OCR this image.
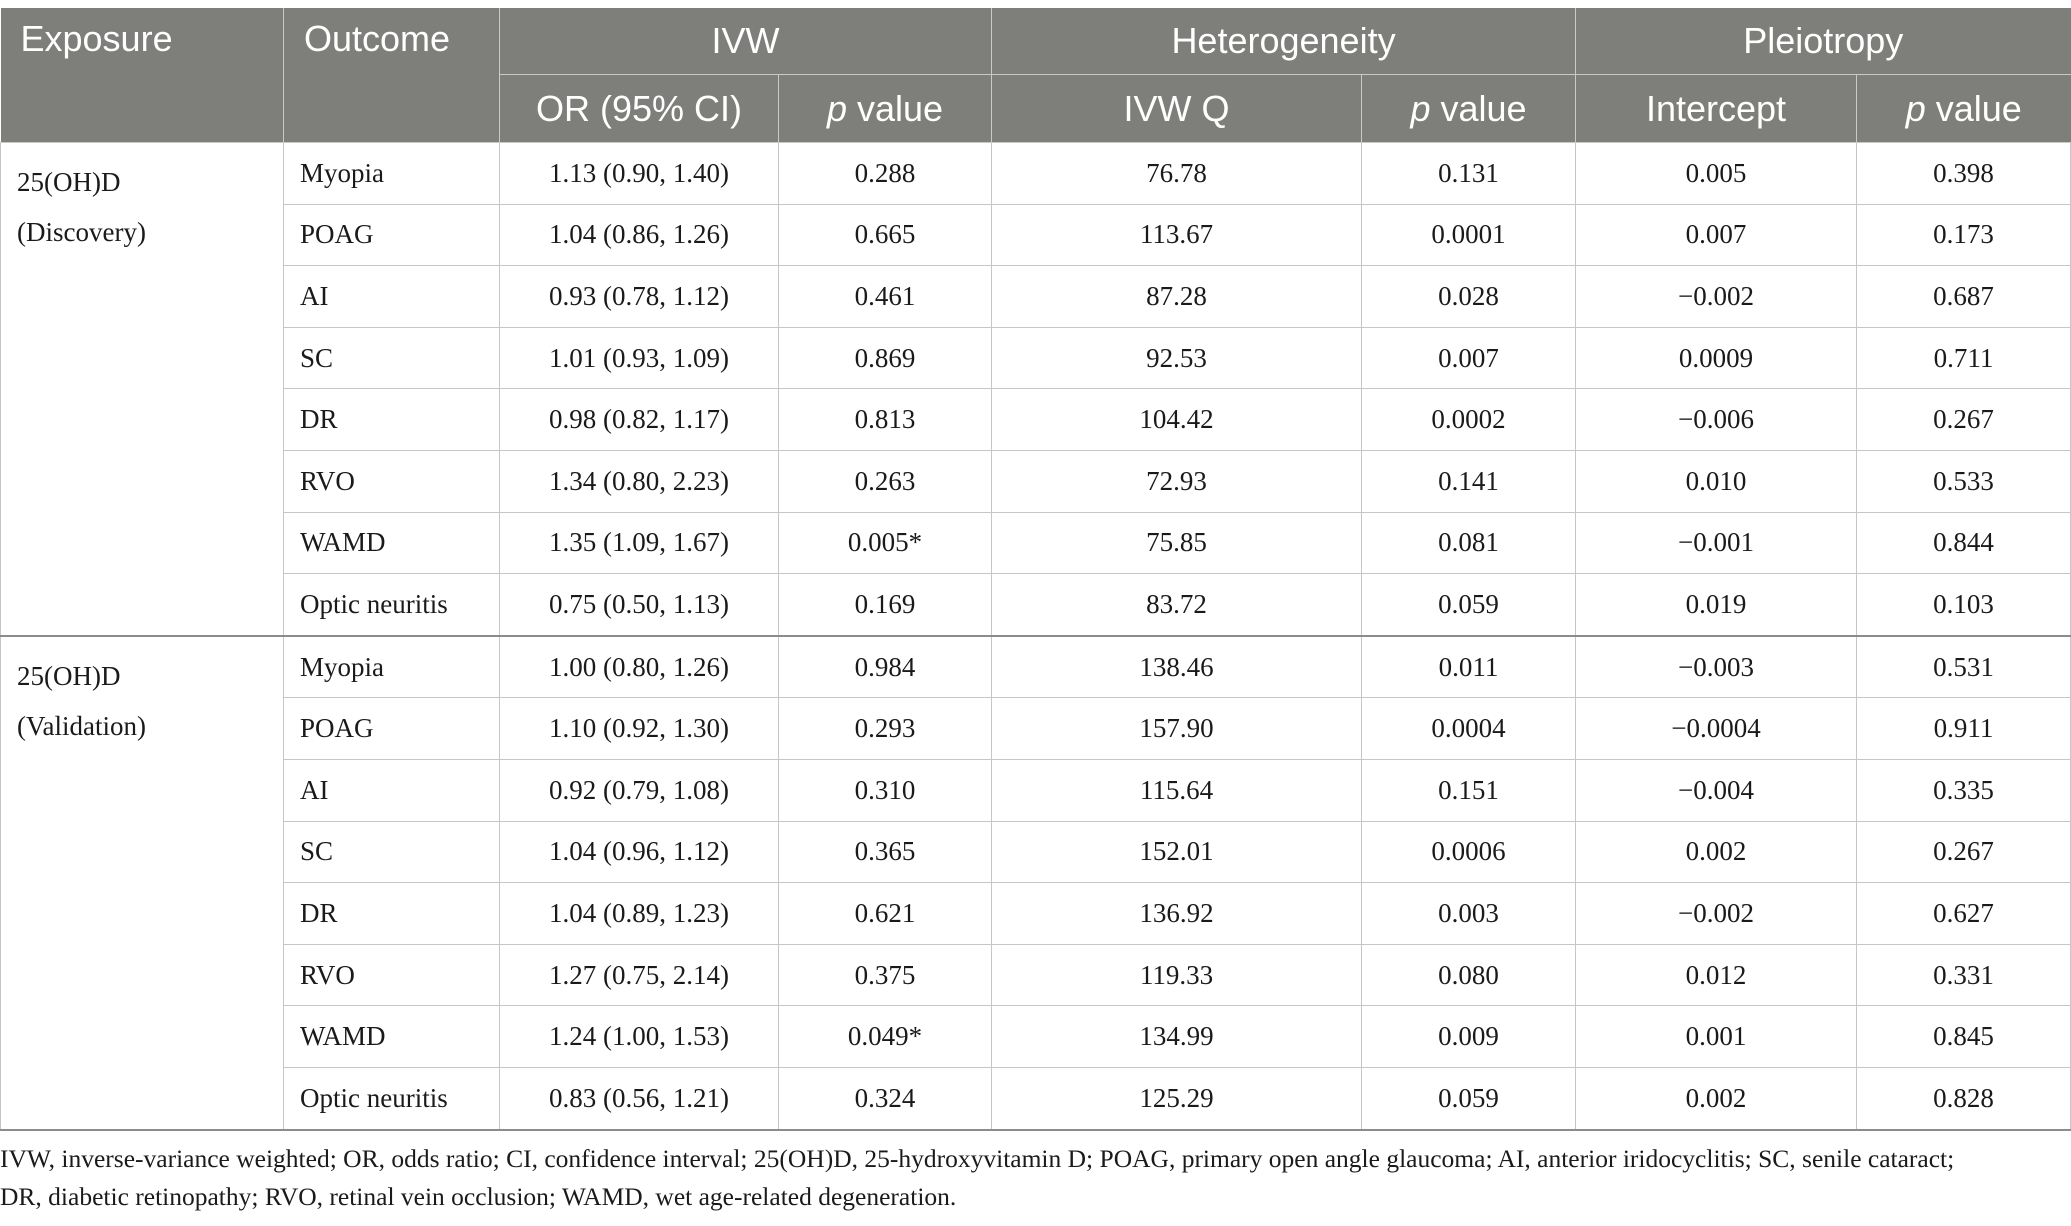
Exposure	Outcome	IVW		Heterogeneity		Pleiotropy	
		OR (95% CI)	p value	IVW Q	p value	Intercept	p value

25(OH)D
(Discovery)	Myopia	1.13 (0.90, 1.40)	0.288	76.78	0.131	0.005	0.398
	POAG	1.04 (0.86, 1.26)	0.665	113.67	0.0001	0.007	0.173
	AI	0.93 (0.78, 1.12)	0.461	87.28	0.028	−0.002	0.687
	SC	1.01 (0.93, 1.09)	0.869	92.53	0.007	0.0009	0.711
	DR	0.98 (0.82, 1.17)	0.813	104.42	0.0002	−0.006	0.267
	RVO	1.34 (0.80, 2.23)	0.263	72.93	0.141	0.010	0.533
	WAMD	1.35 (1.09, 1.67)	0.005*	75.85	0.081	−0.001	0.844
	Optic neuritis	0.75 (0.50, 1.13)	0.169	83.72	0.059	0.019	0.103

25(OH)D
(Validation)	Myopia	1.00 (0.80, 1.26)	0.984	138.46	0.011	−0.003	0.531
	POAG	1.10 (0.92, 1.30)	0.293	157.90	0.0004	−0.0004	0.911
	AI	0.92 (0.79, 1.08)	0.310	115.64	0.151	−0.004	0.335
	SC	1.04 (0.96, 1.12)	0.365	152.01	0.0006	0.002	0.267
	DR	1.04 (0.89, 1.23)	0.621	136.92	0.003	−0.002	0.627
	RVO	1.27 (0.75, 2.14)	0.375	119.33	0.080	0.012	0.331
	WAMD	1.24 (1.00, 1.53)	0.049*	134.99	0.009	0.001	0.845
	Optic neuritis	0.83 (0.56, 1.21)	0.324	125.29	0.059	0.002	0.828
IVW, inverse-variance weighted; OR, odds ratio; CI, confidence interval; 25(OH)D, 25-hydroxyvitamin D; POAG, primary open angle glaucoma; AI, anterior iridocyclitis; SC, senile cataract;
DR, diabetic retinopathy; RVO, retinal vein occlusion; WAMD, wet age-related degeneration.
